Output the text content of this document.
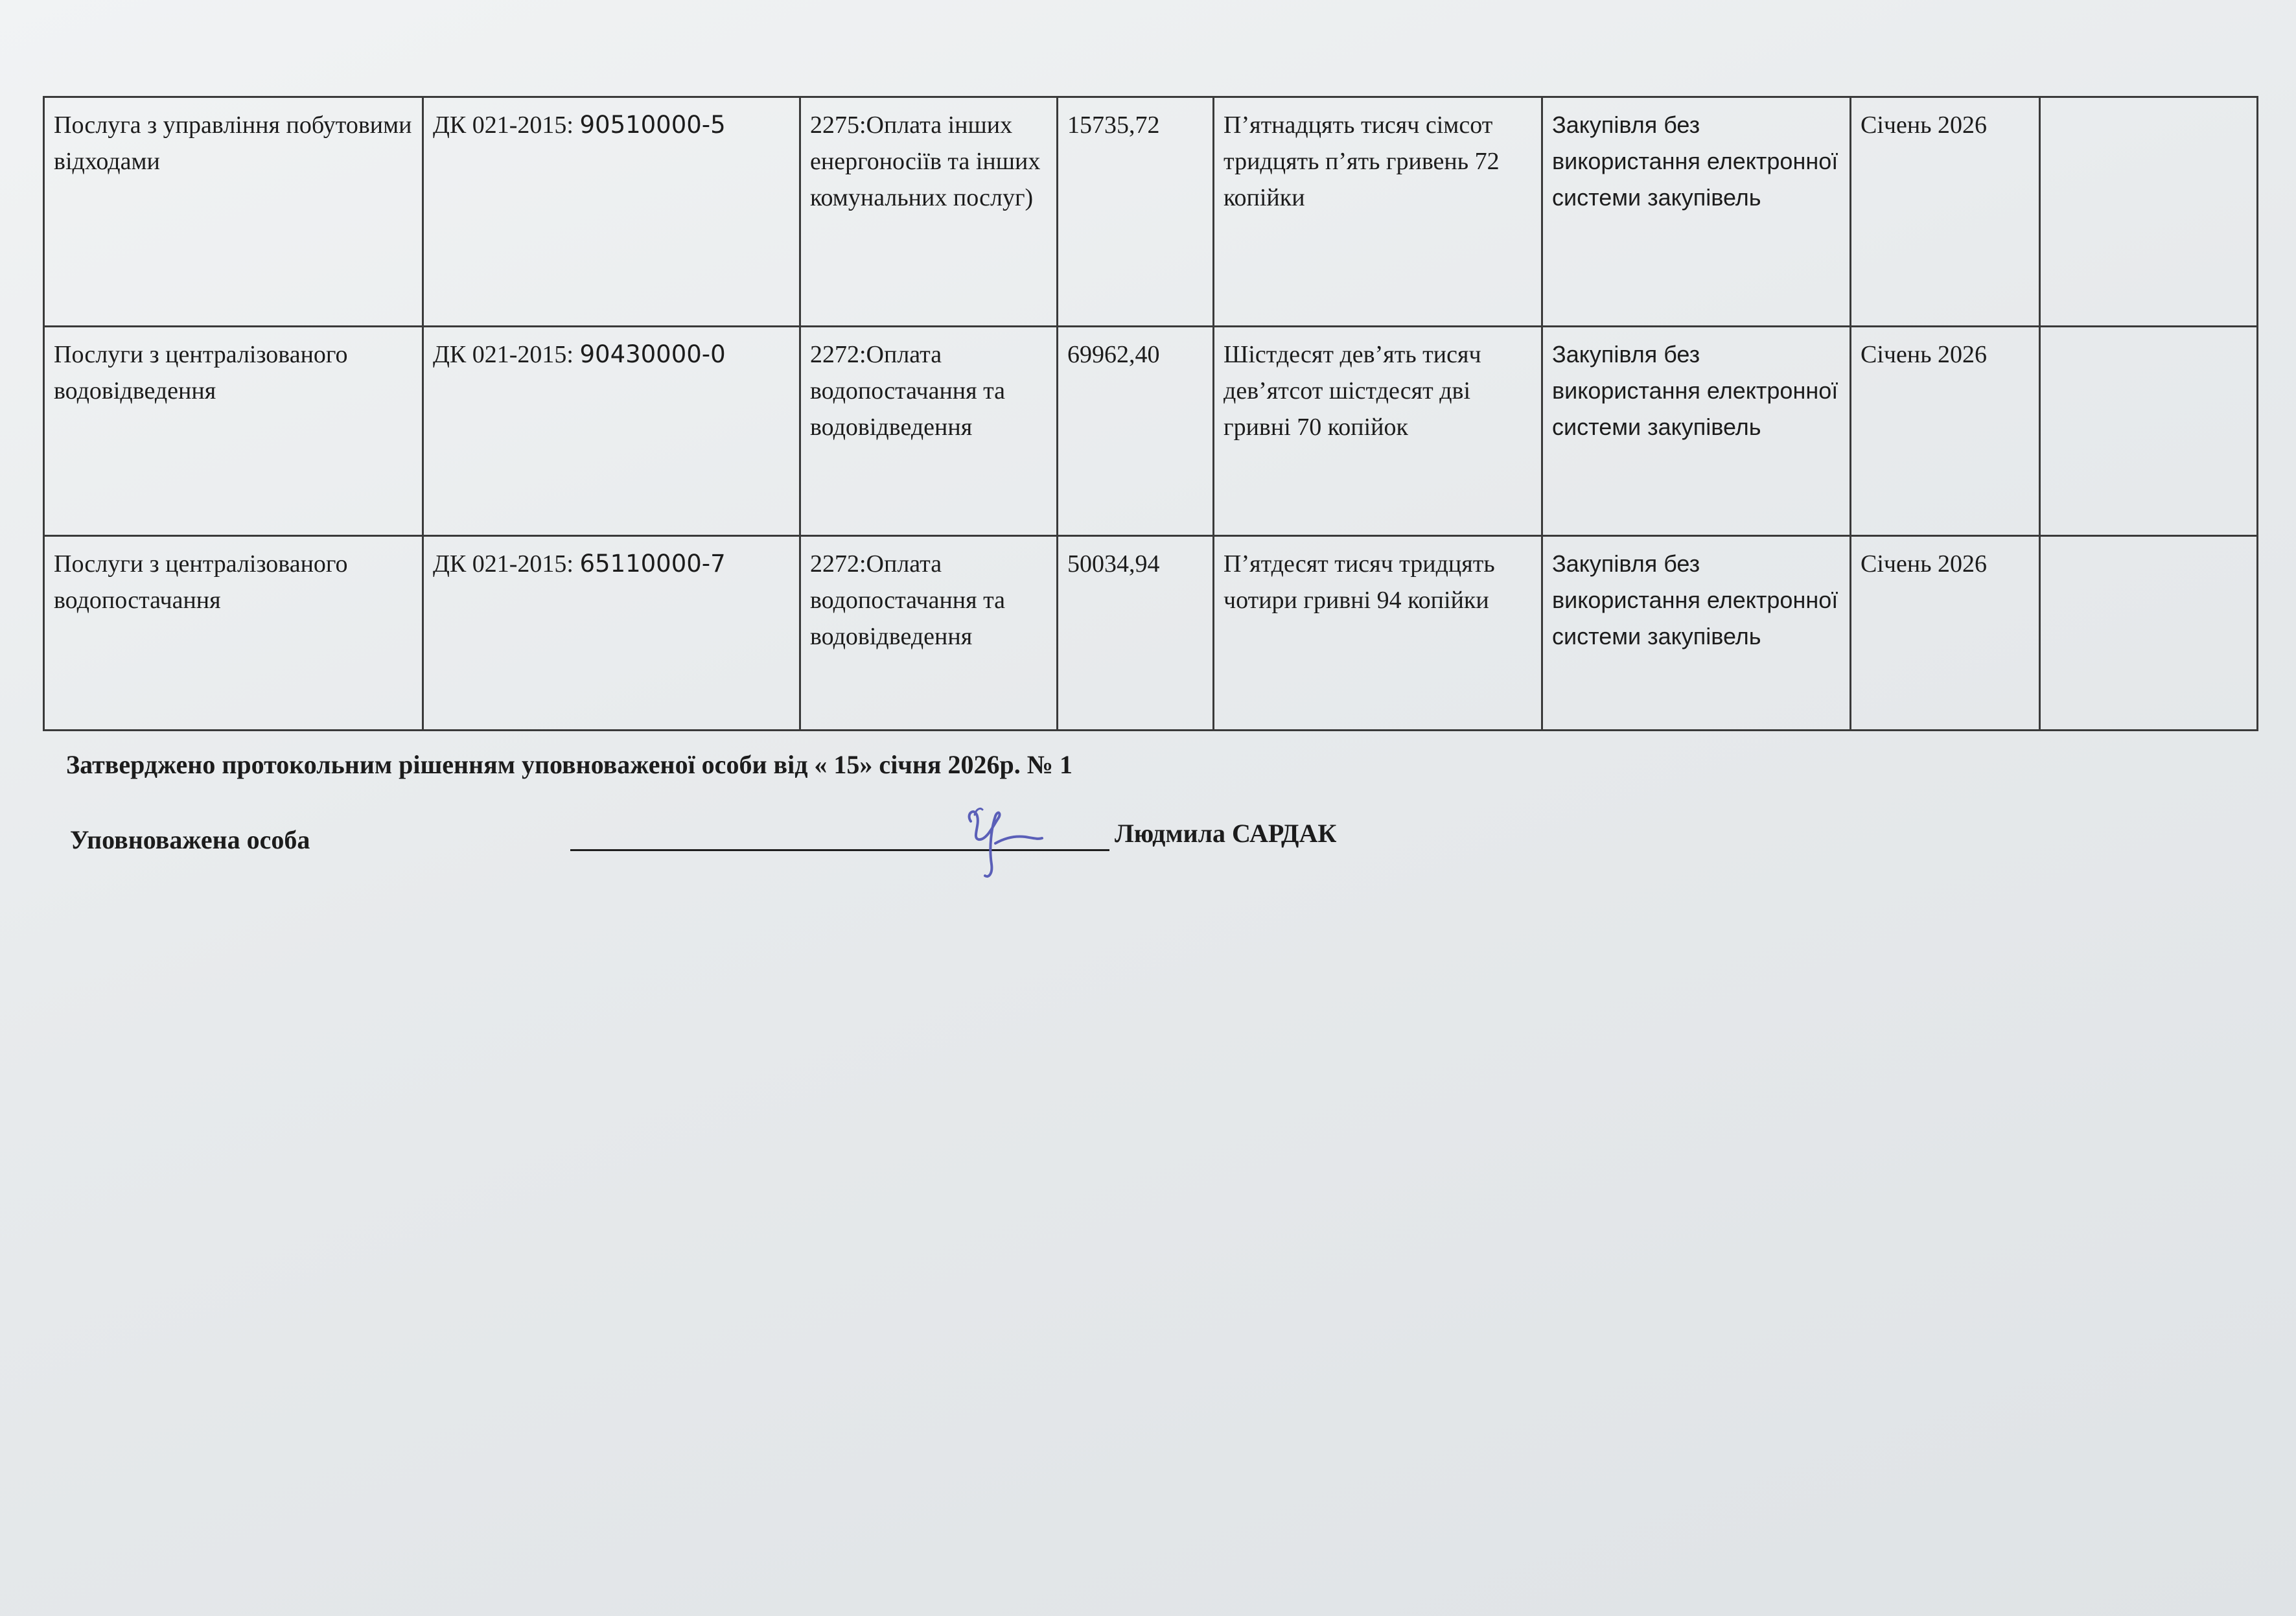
Послуга з управління побутовими відходами	ДК 021-2015: 90510000-5	2275:Оплата інших енергоносіїв та інших комунальних послуг)	15735,72	П’ятнадцять тисяч сімсот тридцять п’ять гривень 72 копійки	Закупівля без використання електронної системи закупівель	Січень 2026	
Послуги з централізованого водовідведення	ДК 021-2015: 90430000-0	2272:Оплата водопостачання та водовідведення	69962,40	Шістдесят дев’ять тисяч дев’ятсот шістдесят дві гривні 70 копійок	Закупівля без використання електронної системи закупівель	Січень 2026	
Послуги з централізованого водопостачання	ДК 021-2015: 65110000-7	2272:Оплата водопостачання та водовідведення	50034,94	П’ятдесят тисяч тридцять чотири гривні 94 копійки	Закупівля без використання електронної системи закупівель	Січень 2026	
Затверджено протокольним рішенням уповноваженої особи від « 15» січня 2026р. № 1
Уповноважена особа	Людмила САРДАК
